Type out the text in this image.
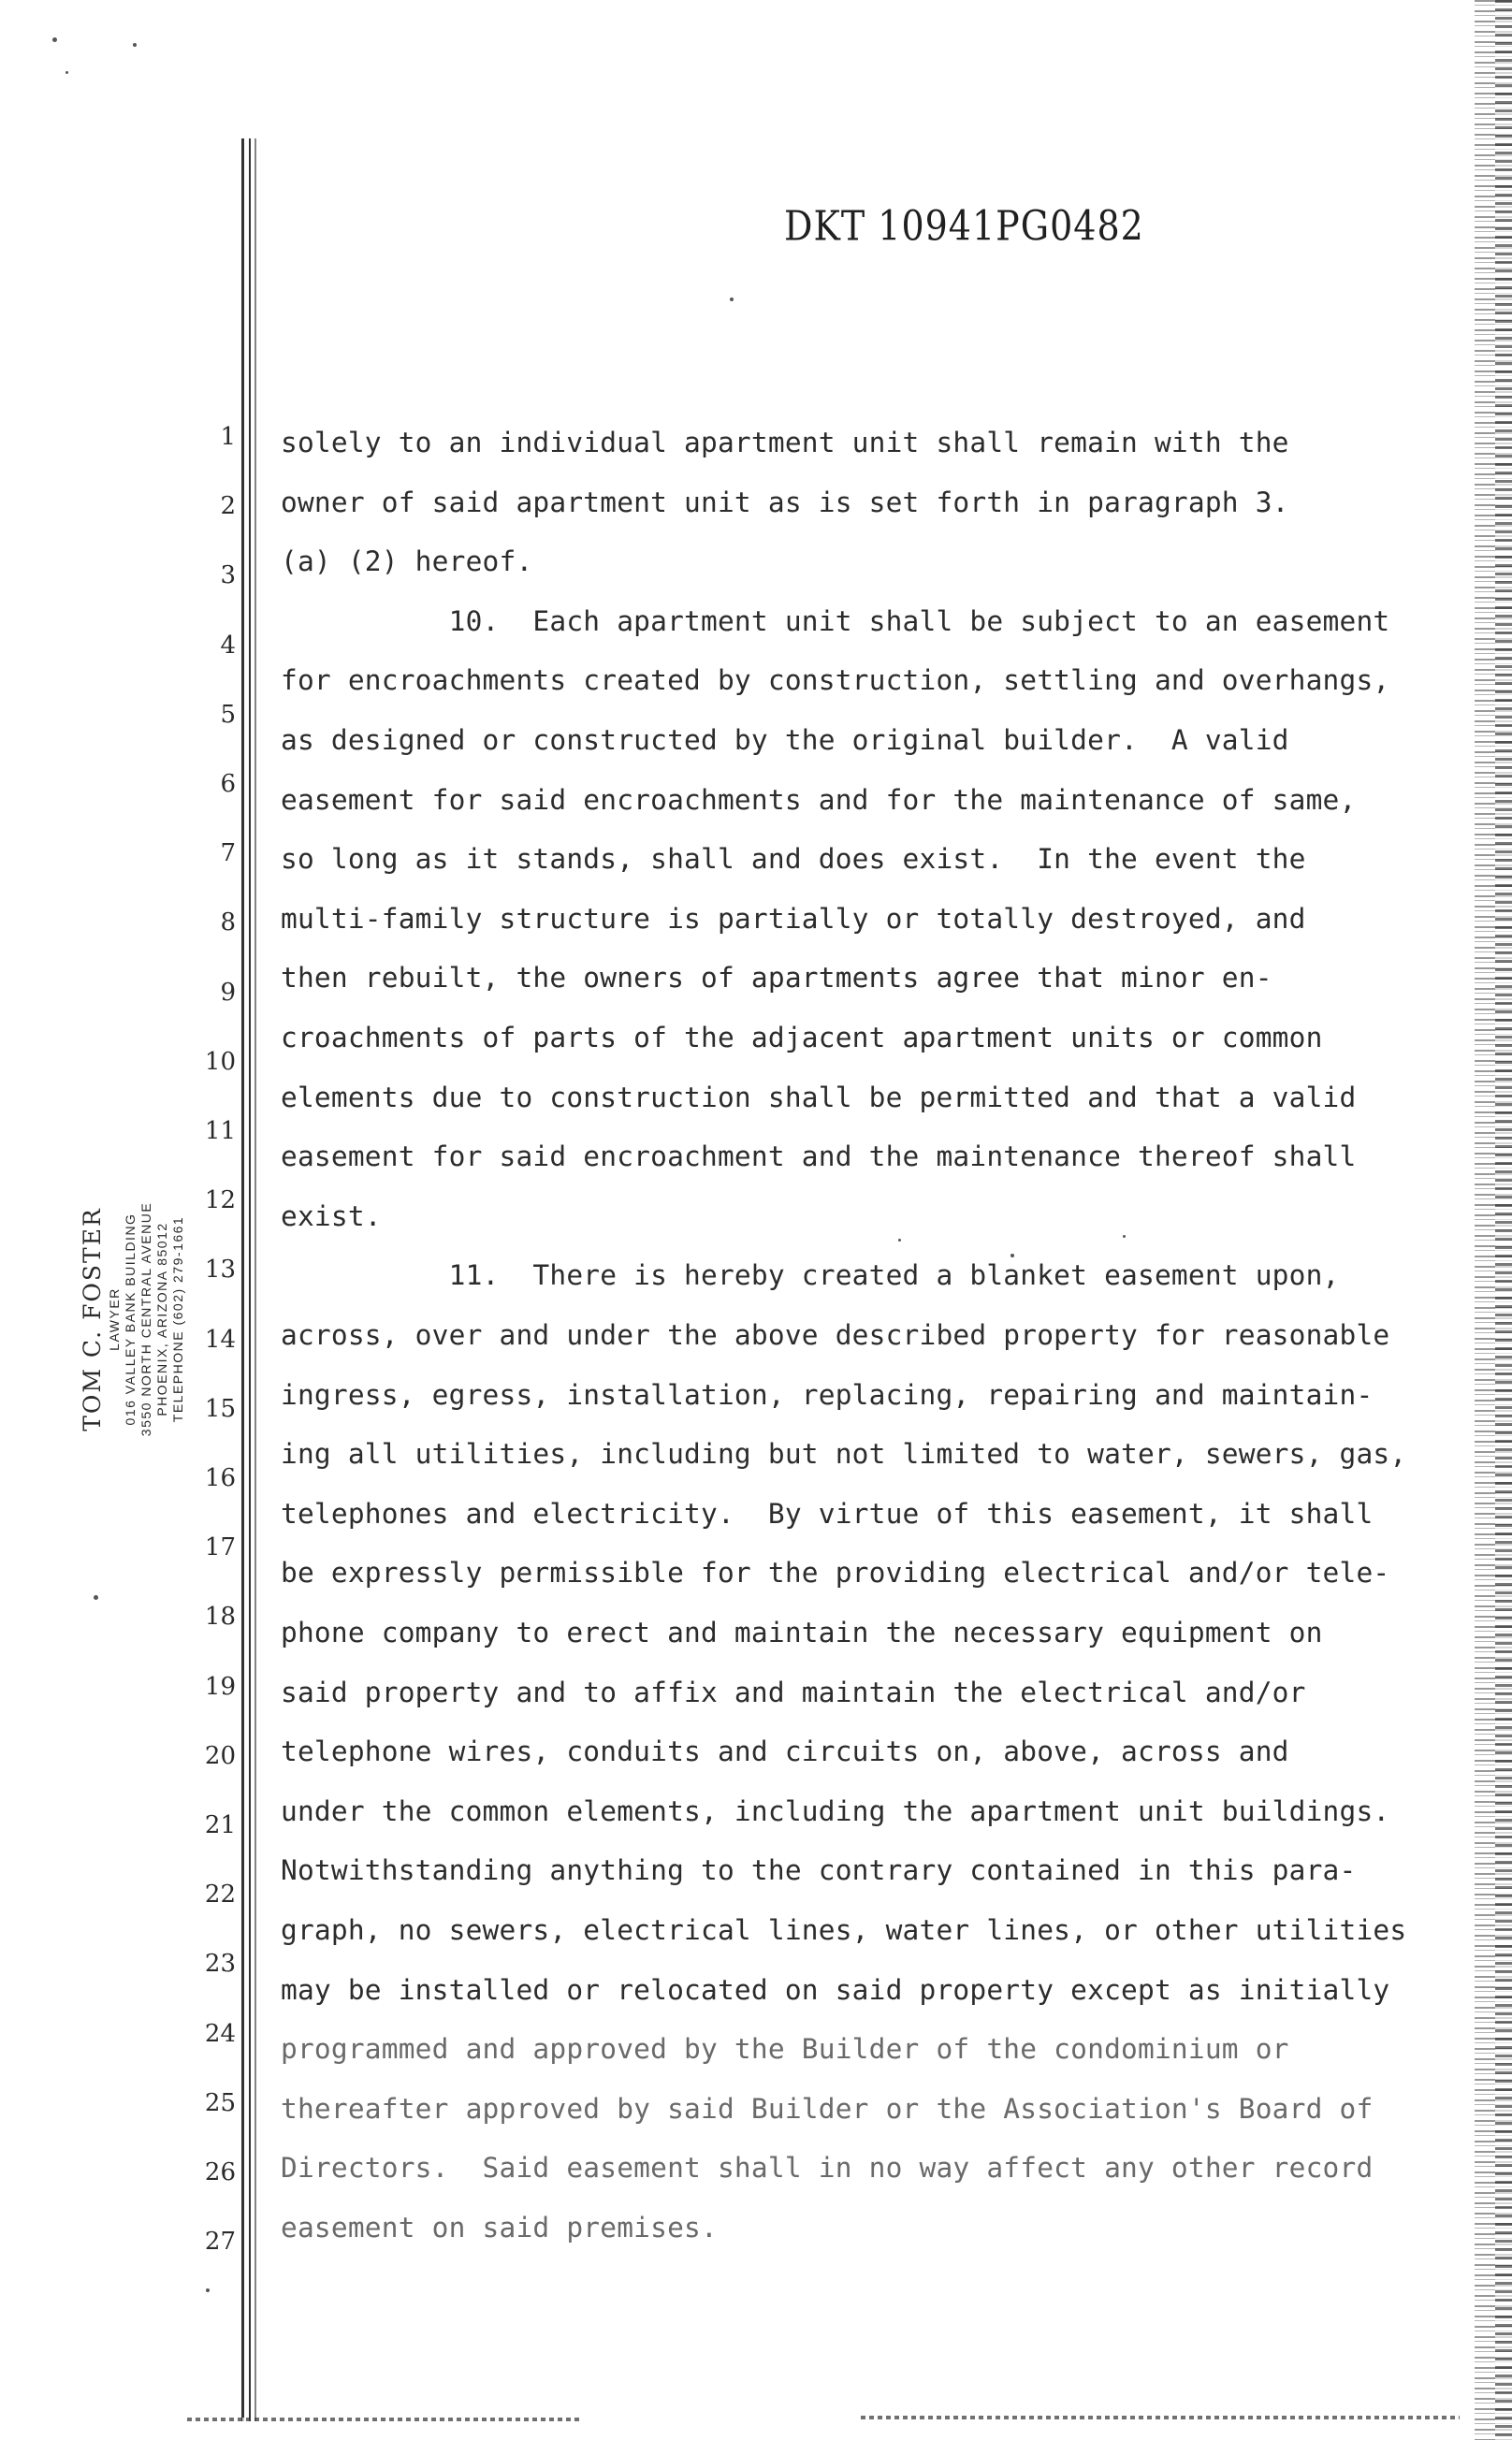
DKT 10941PG0482
TOM C. FOSTER LAWYER 016 VALLEY BANK BUILDING 3550 NORTH CENTRAL AVENUE PHOENIX, ARIZONA 85012 TELEPHONE (602) 279-1661
1
2
3
4
5
6
7
8
9
10
11
12
13
14
15
16
17
18
19
20
21
22
23
24
25
26
27
solely to an individual apartment unit shall remain with the
owner of said apartment unit as is set forth in paragraph 3.
(a) (2) hereof.
10.  Each apartment unit shall be subject to an easement
for encroachments created by construction, settling and overhangs,
as designed or constructed by the original builder.  A valid
easement for said encroachments and for the maintenance of same,
so long as it stands, shall and does exist.  In the event the
multi-family structure is partially or totally destroyed, and
then rebuilt, the owners of apartments agree that minor en-
croachments of parts of the adjacent apartment units or common
elements due to construction shall be permitted and that a valid
easement for said encroachment and the maintenance thereof shall
exist.
11.  There is hereby created a blanket easement upon,
across, over and under the above described property for reasonable
ingress, egress, installation, replacing, repairing and maintain-
ing all utilities, including but not limited to water, sewers, gas,
telephones and electricity.  By virtue of this easement, it shall
be expressly permissible for the providing electrical and/or tele-
phone company to erect and maintain the necessary equipment on
said property and to affix and maintain the electrical and/or
telephone wires, conduits and circuits on, above, across and
under the common elements, including the apartment unit buildings.
Notwithstanding anything to the contrary contained in this para-
graph, no sewers, electrical lines, water lines, or other utilities
may be installed or relocated on said property except as initially
programmed and approved by the Builder of the condominium or
thereafter approved by said Builder or the Association's Board of
Directors.  Said easement shall in no way affect any other record
easement on said premises.
